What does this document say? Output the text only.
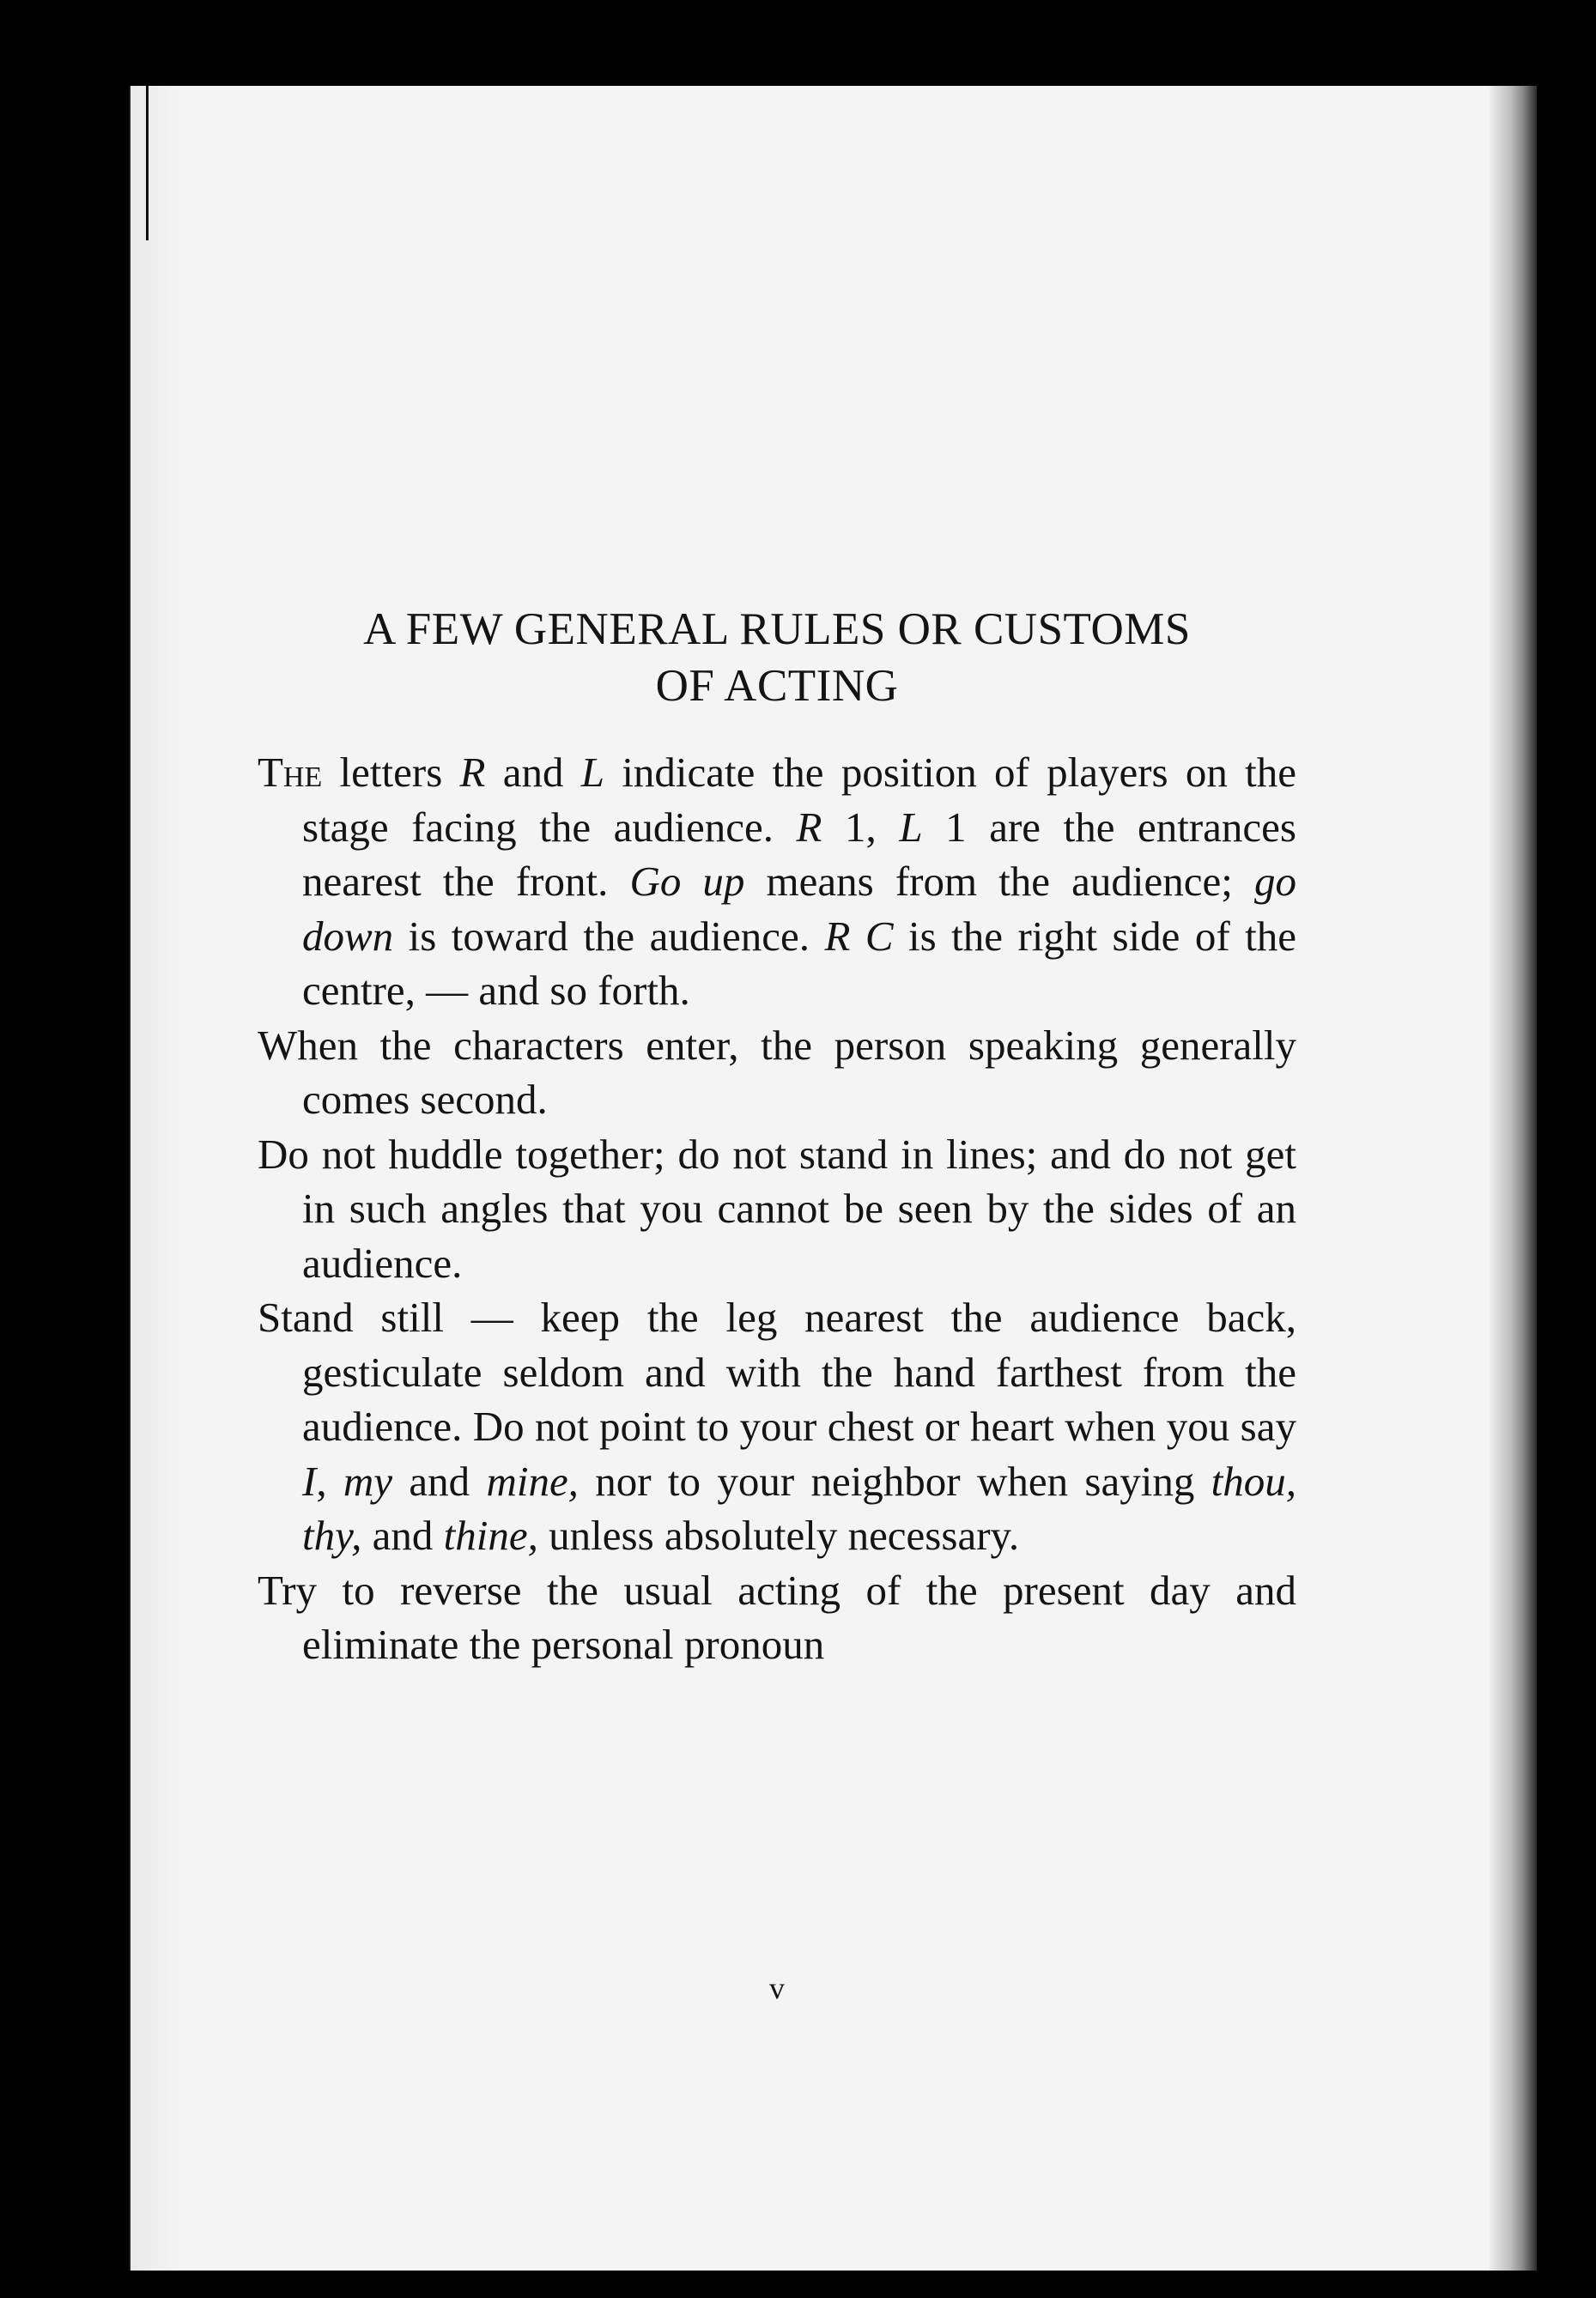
A FEW GENERAL RULES OR CUSTOMS
OF ACTING

The letters R and L indicate the position of players on the stage facing the audience. R 1, L 1 are the entrances nearest the front. Go up means from the audience; go down is toward the audience. R C is the right side of the centre, — and so forth.

When the characters enter, the person speaking generally comes second.

Do not huddle together; do not stand in lines; and do not get in such angles that you cannot be seen by the sides of an audience.

Stand still — keep the leg nearest the audience back, gesticulate seldom and with the hand farthest from the audience. Do not point to your chest or heart when you say I, my and mine, nor to your neighbor when saying thou, thy, and thine, unless absolutely necessary.

Try to reverse the usual acting of the present day and eliminate the personal pronoun

v
